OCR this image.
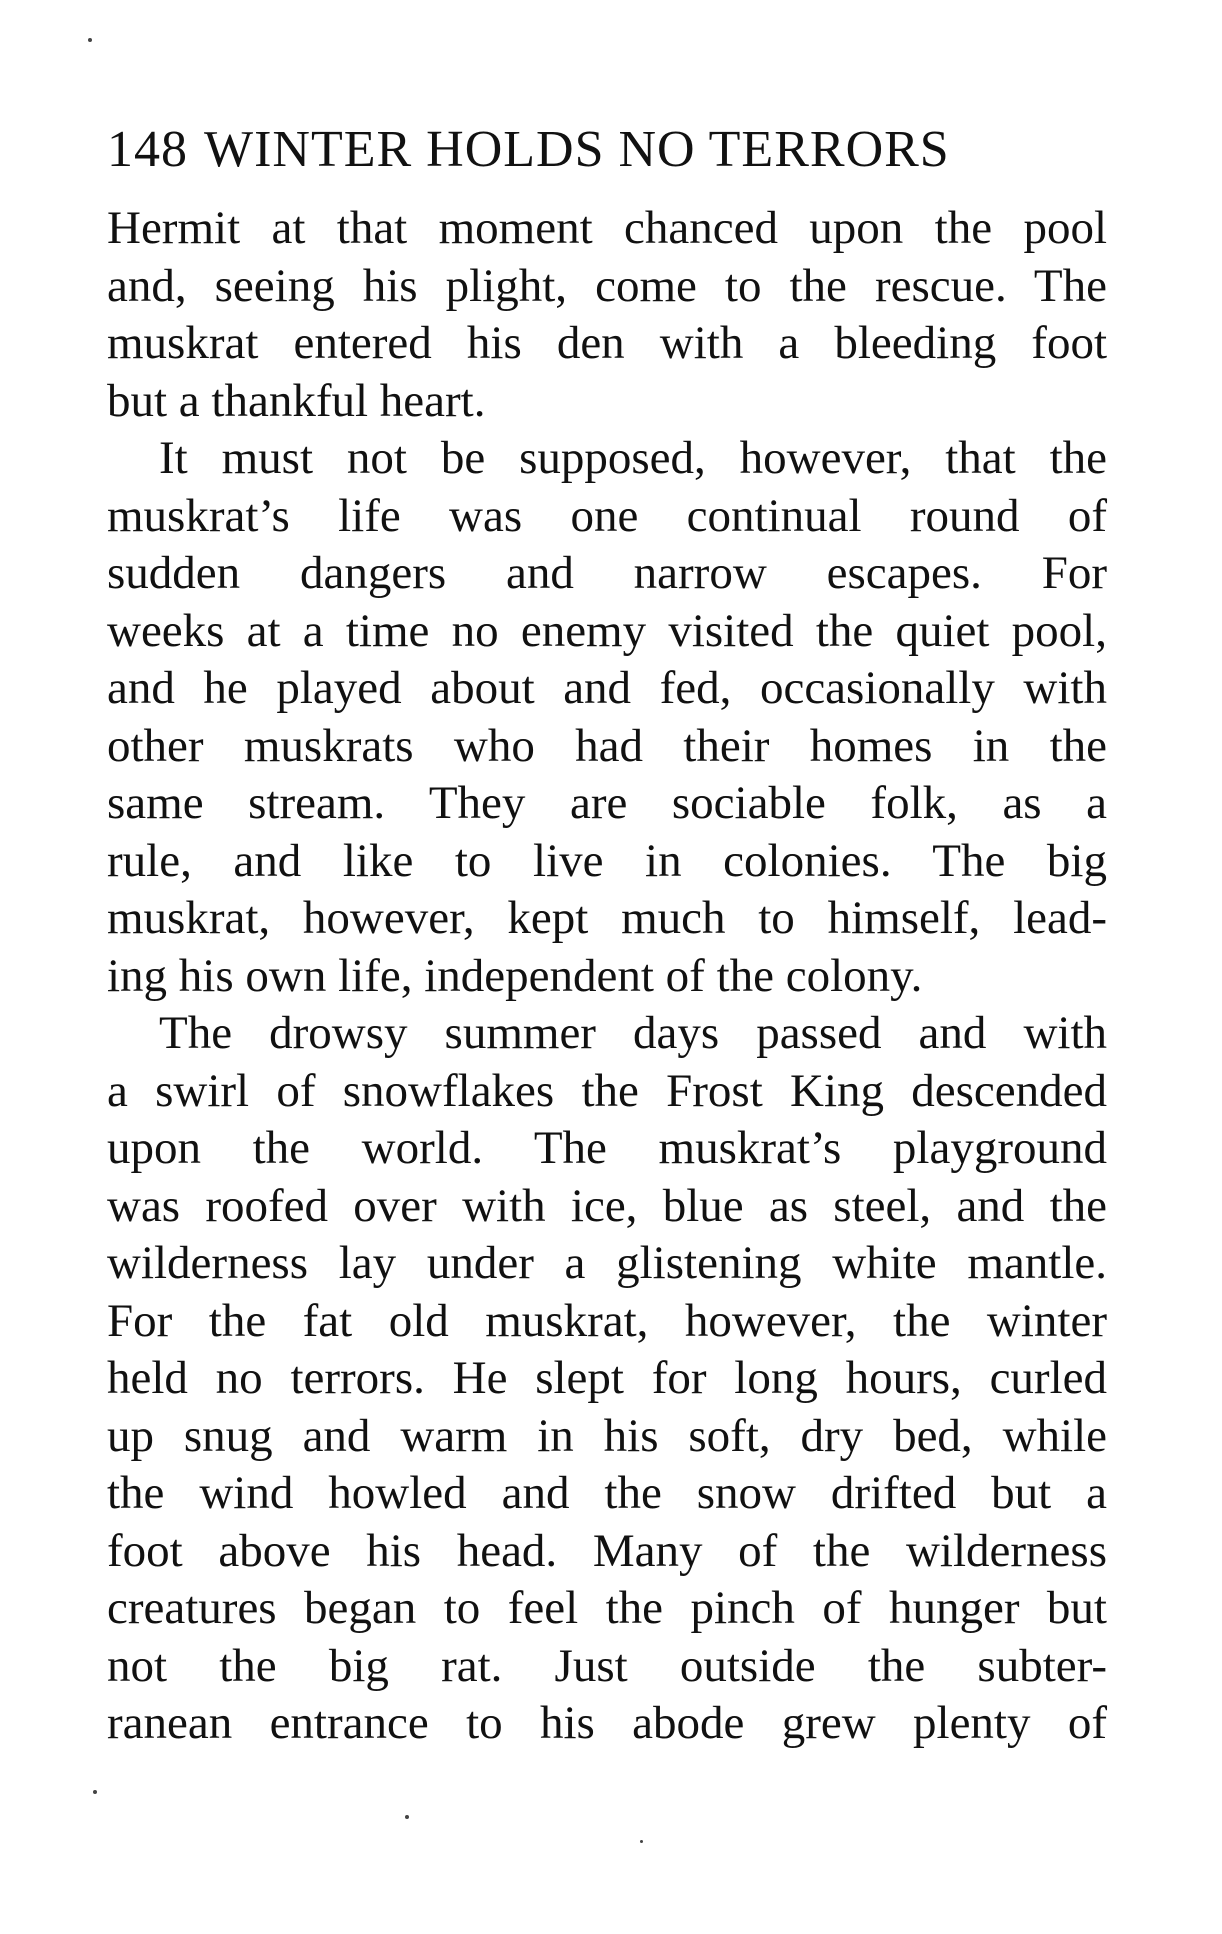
148 WINTER HOLDS NO TERRORS
Hermit at that moment chanced upon the pool
and, seeing his plight, come to the rescue. The
muskrat entered his den with a bleeding foot
but a thankful heart.
It must not be supposed, however, that the
muskrat’s life was one continual round of
sudden dangers and narrow escapes. For
weeks at a time no enemy visited the quiet pool,
and he played about and fed, occasionally with
other muskrats who had their homes in the
same stream. They are sociable folk, as a
rule, and like to live in colonies. The big
muskrat, however, kept much to himself, lead-
ing his own life, independent of the colony.
The drowsy summer days passed and with
a swirl of snowflakes the Frost King descended
upon the world. The muskrat’s playground
was roofed over with ice, blue as steel, and the
wilderness lay under a glistening white mantle.
For the fat old muskrat, however, the winter
held no terrors. He slept for long hours, curled
up snug and warm in his soft, dry bed, while
the wind howled and the snow drifted but a
foot above his head. Many of the wilderness
creatures began to feel the pinch of hunger but
not the big rat. Just outside the subter-
ranean entrance to his abode grew plenty of
